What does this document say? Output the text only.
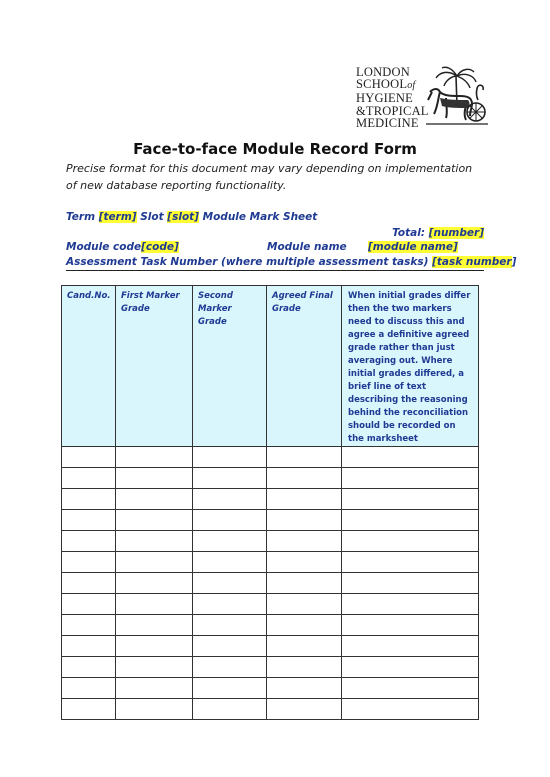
LONDON
SCHOOLof
HYGIENE
&TROPICAL
MEDICINE
Face-to-face Module Record Form
Precise format for this document may vary depending on implementation of new database reporting functionality.
Term [term] Slot [slot] Module Mark Sheet
Total: [number]
Module code[code]	Module name [module name]
Assessment Task Number (where multiple assessment tasks) [task number]
Cand.No.	First Marker Grade	Second Marker Grade	Agreed Final Grade	When initial grades differ then the two markers need to discuss this and agree a definitive agreed grade rather than just averaging out. Where initial grades differed, a brief line of text describing the reasoning behind the reconciliation should be recorded on the marksheet
